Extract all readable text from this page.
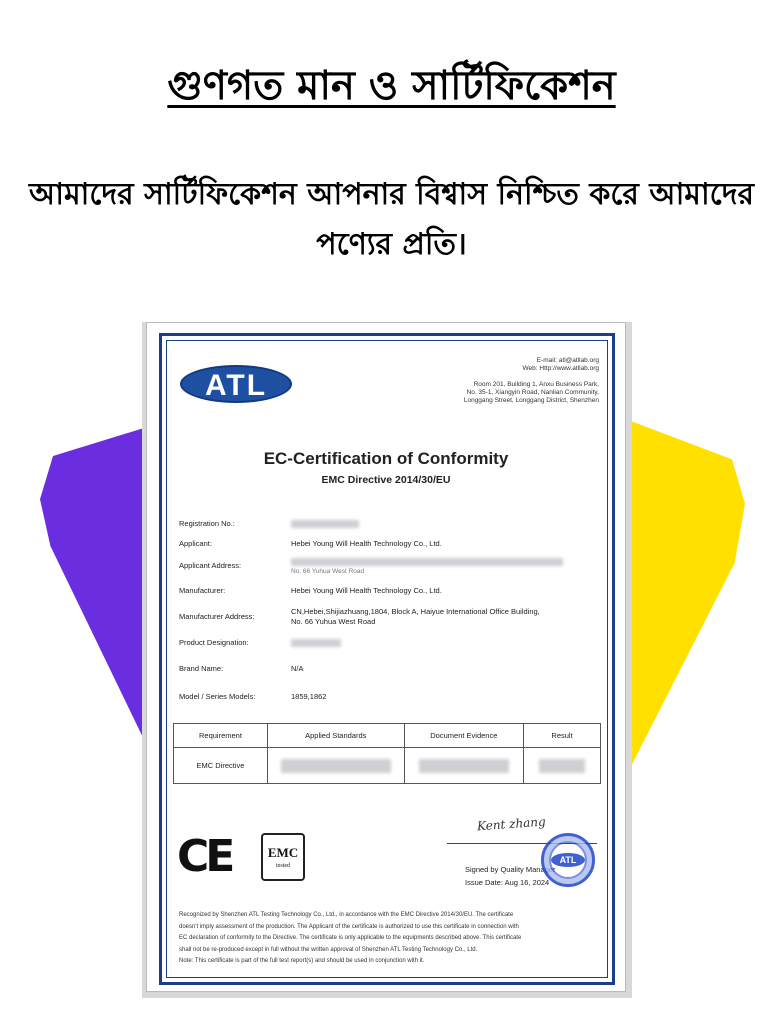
গুণগত মান ও সার্টিফিকেশন

আমাদের সার্টিফিকেশন আপনার বিশ্বাস নিশ্চিত করে আমাদের পণ্যের প্রতি।

ATL
E-mail: atl@atllab.org
Web: Http://www.atllab.org
Room 201, Building 1, Anxu Business Park,
No. 35-1, Xiangyin Road, Nanlian Community,
Longgang Street, Longgang District, Shenzhen
EC-Certification of Conformity
EMC Directive 2014/30/EU
Registration No.:
Applicant:	Hebei Young Will Health Technology Co., Ltd.
Applicant Address:
No. 66 Yuhua West Road
Manufacturer:	Hebei Young Will Health Technology Co., Ltd.
Manufacturer Address:
CN,Hebei,Shijiazhuang,1804, Block A, Haiyue International Office Building,
No. 66 Yuhua West Road
Product Designation:
Brand Name:	N/A
Model / Series Models:	1859,1862
Requirement	Applied Standards	Document Evidence	Result
EMC Directive			
CE	EMC
tested
Kent zhang
Signed by Quality Manager
Issue Date: Aug 16, 2024
ATL
Recognized by Shenzhen ATL Testing Technology Co., Ltd., in accordance with the EMC Directive 2014/30/EU. The certificate
doesn't imply assessment of the production. The Applicant of the certificate is authorized to use this certificate in connection with
EC declaration of conformity to the Directive. The certificate is only applicable to the equipments described above. This certificate
shall not be re-produced except in full without the written approval of Shenzhen ATL Testing Technology Co., Ltd.
Note: This certificate is part of the full test report(s) and should be used in conjunction with it.
